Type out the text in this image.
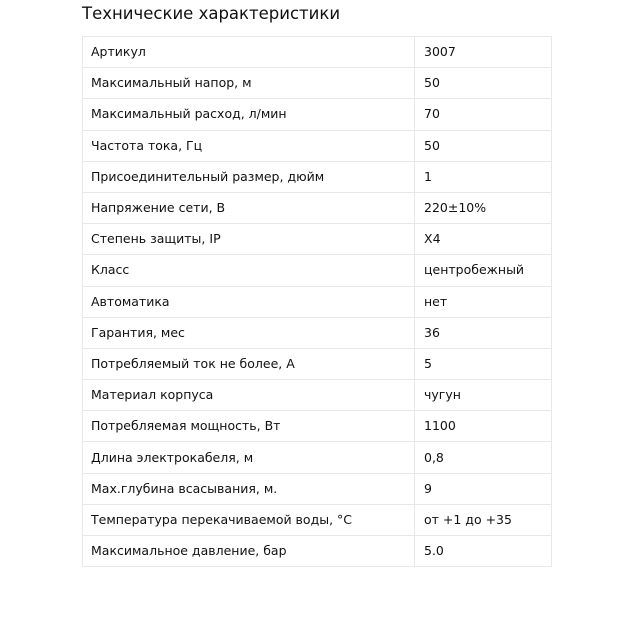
Технические характеристики
Артикул	3007
Максимальный напор, м	50
Максимальный расход, л/мин	70
Частота тока, Гц	50
Присоединительный размер, дюйм	1
Напряжение сети, В	220±10%
Степень защиты, IP	X4
Класс	центробежный
Автоматика	нет
Гарантия, мес	36
Потребляемый ток не более, А	5
Материал корпуса	чугун
Потребляемая мощность, Вт	1100
Длина электрокабеля, м	0,8
Max.глубина всасывания, м.	9
Температура перекачиваемой воды, °C	от +1 до +35
Максимальное давление, бар	5.0
